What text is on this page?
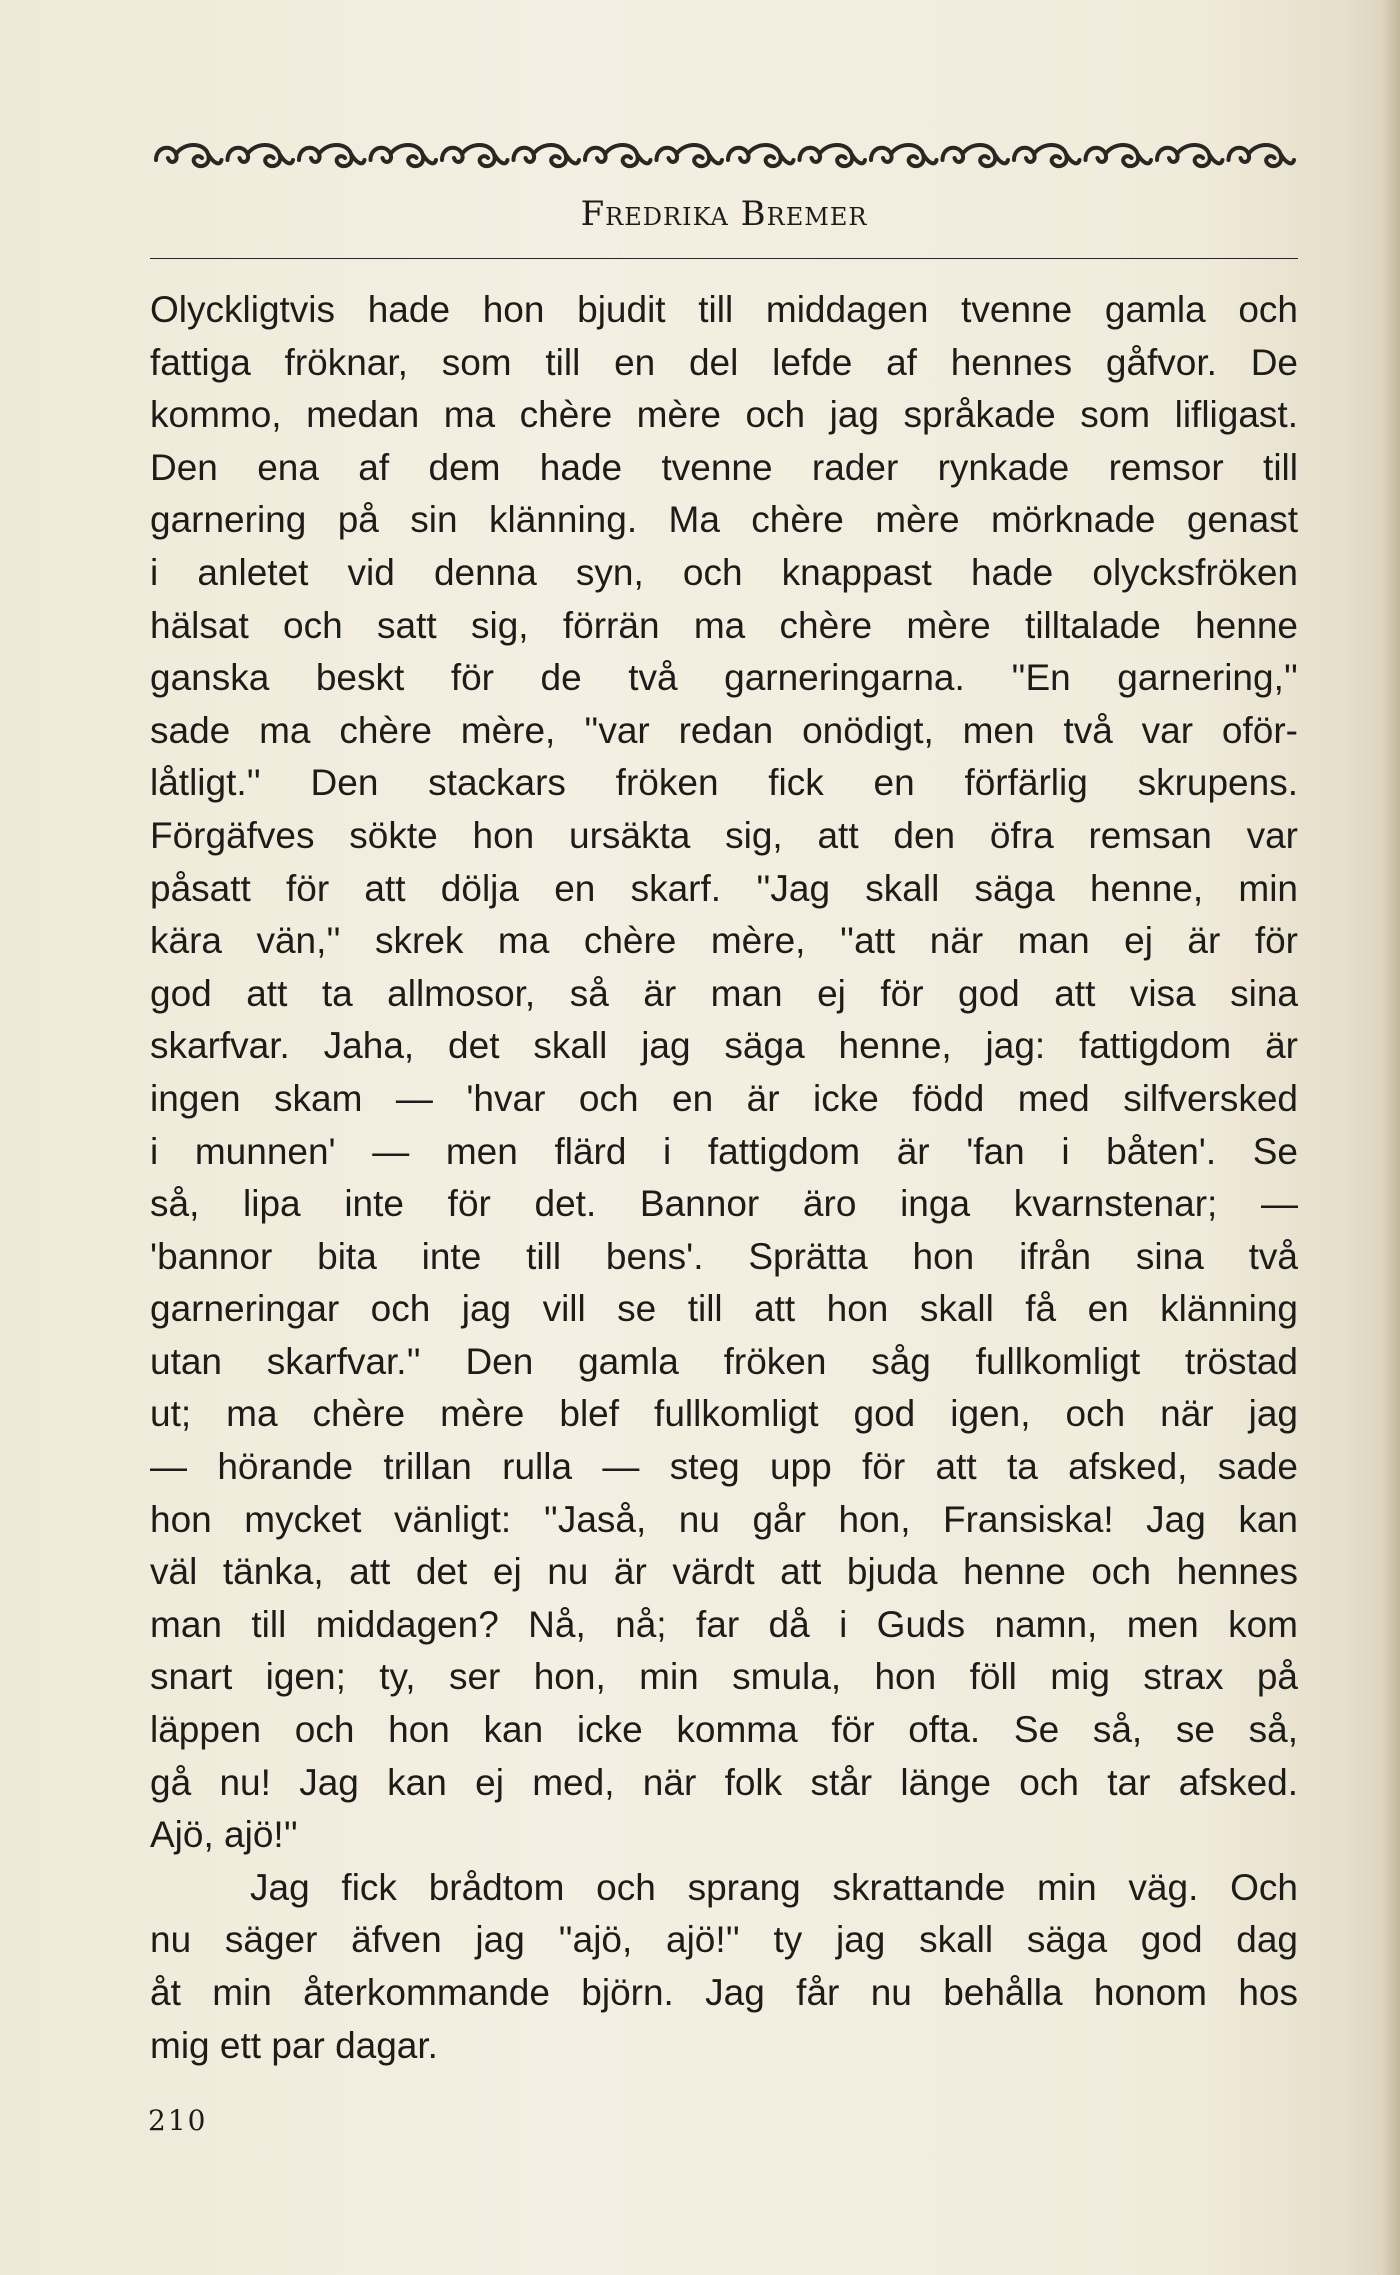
Fredrika Bremer
Olyckligtvis hade hon bjudit till middagen tvenne gamla och
fattiga fröknar, som till en del lefde af hennes gåfvor. De
kommo, medan ma chère mère och jag språkade som lifligast.
Den ena af dem hade tvenne rader rynkade remsor till
garnering på sin klänning. Ma chère mère mörknade genast
i anletet vid denna syn, och knappast hade olycksfröken
hälsat och satt sig, förrän ma chère mère tilltalade henne
ganska beskt för de två garneringarna. ''En garnering,''
sade ma chère mère, ''var redan onödigt, men två var oför-
låtligt.'' Den stackars fröken fick en förfärlig skrupens.
Förgäfves sökte hon ursäkta sig, att den öfra remsan var
påsatt för att dölja en skarf. ''Jag skall säga henne, min
kära vän,'' skrek ma chère mère, ''att när man ej är för
god att ta allmosor, så är man ej för god att visa sina
skarfvar. Jaha, det skall jag säga henne, jag: fattigdom är
ingen skam — 'hvar och en är icke född med silfversked
i munnen' — men flärd i fattigdom är 'fan i båten'. Se
så, lipa inte för det. Bannor äro inga kvarnstenar; —
'bannor bita inte till bens'. Sprätta hon ifrån sina två
garneringar och jag vill se till att hon skall få en klänning
utan skarfvar.'' Den gamla fröken såg fullkomligt tröstad
ut; ma chère mère blef fullkomligt god igen, och när jag
— hörande trillan rulla — steg upp för att ta afsked, sade
hon mycket vänligt: ''Jaså, nu går hon, Fransiska! Jag kan
väl tänka, att det ej nu är värdt att bjuda henne och hennes
man till middagen? Nå, nå; far då i Guds namn, men kom
snart igen; ty, ser hon, min smula, hon föll mig strax på
läppen och hon kan icke komma för ofta. Se så, se så,
gå nu! Jag kan ej med, när folk står länge och tar afsked.
Ajö, ajö!''
Jag fick brådtom och sprang skrattande min väg. Och
nu säger äfven jag ''ajö, ajö!'' ty jag skall säga god dag
åt min återkommande björn. Jag får nu behålla honom hos
mig ett par dagar.
210
